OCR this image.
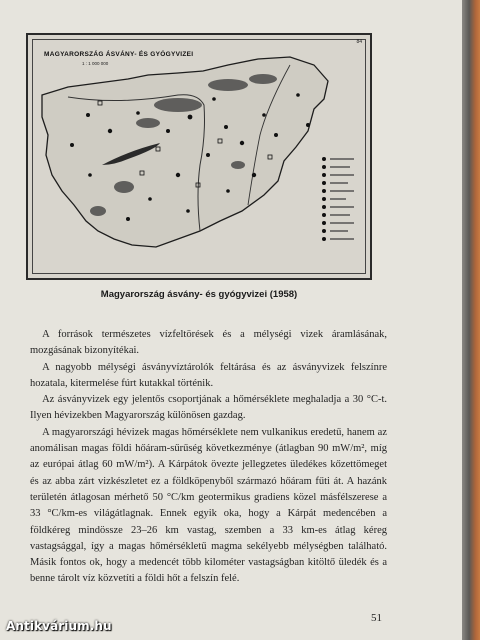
MAGYARORSZÁG ÁSVÁNY- ÉS GYÓGYVIZEI
1 : 1 000 000
84
Magyarország ásvány- és gyógyvizei (1958)

A források természetes vízfeltörések és a mélységi vizek áramlásának, mozgásának bizonyítékai.

A nagyobb mélységi ásványvíztárolók feltárása és az ásványvizek felszínre hozatala, kitermelése fúrt kutakkal történik.

Az ásványvizek egy jelentős csoportjának a hőmérséklete meghaladja a 30 °C-t. Ilyen hévizekben Magyarország különösen gazdag.

A magyarországi hévizek magas hőmérséklete nem vulkanikus eredetű, hanem az anomálisan magas földi hőáram-sűrűség következménye (átlagban 90 mW/m², míg az európai átlag 60 mW/m²). A Kárpátok övezte jellegzetes üledékes kőzettömeget és az abba zárt vizkészletet ez a földköpenyből származó hőáram fűti át. A hazánk területén átlagosan mérhető 50 °C/km geotermikus gradiens közel másfélszerese a 33 °C/km-es világátlagnak. Ennek egyik oka, hogy a Kárpát medencében a földkéreg mindössze 23–26 km vastag, szemben a 33 km-es átlag kéreg vastagsággal, így a magas hőmérsékletű magma sekélyebb mélységben található. Másik fontos ok, hogy a medencét több kilométer vastagságban kitöltő üledék és a benne tárolt víz közvetíti a földi hőt a felszín felé.

51
Antikvárium.hu
